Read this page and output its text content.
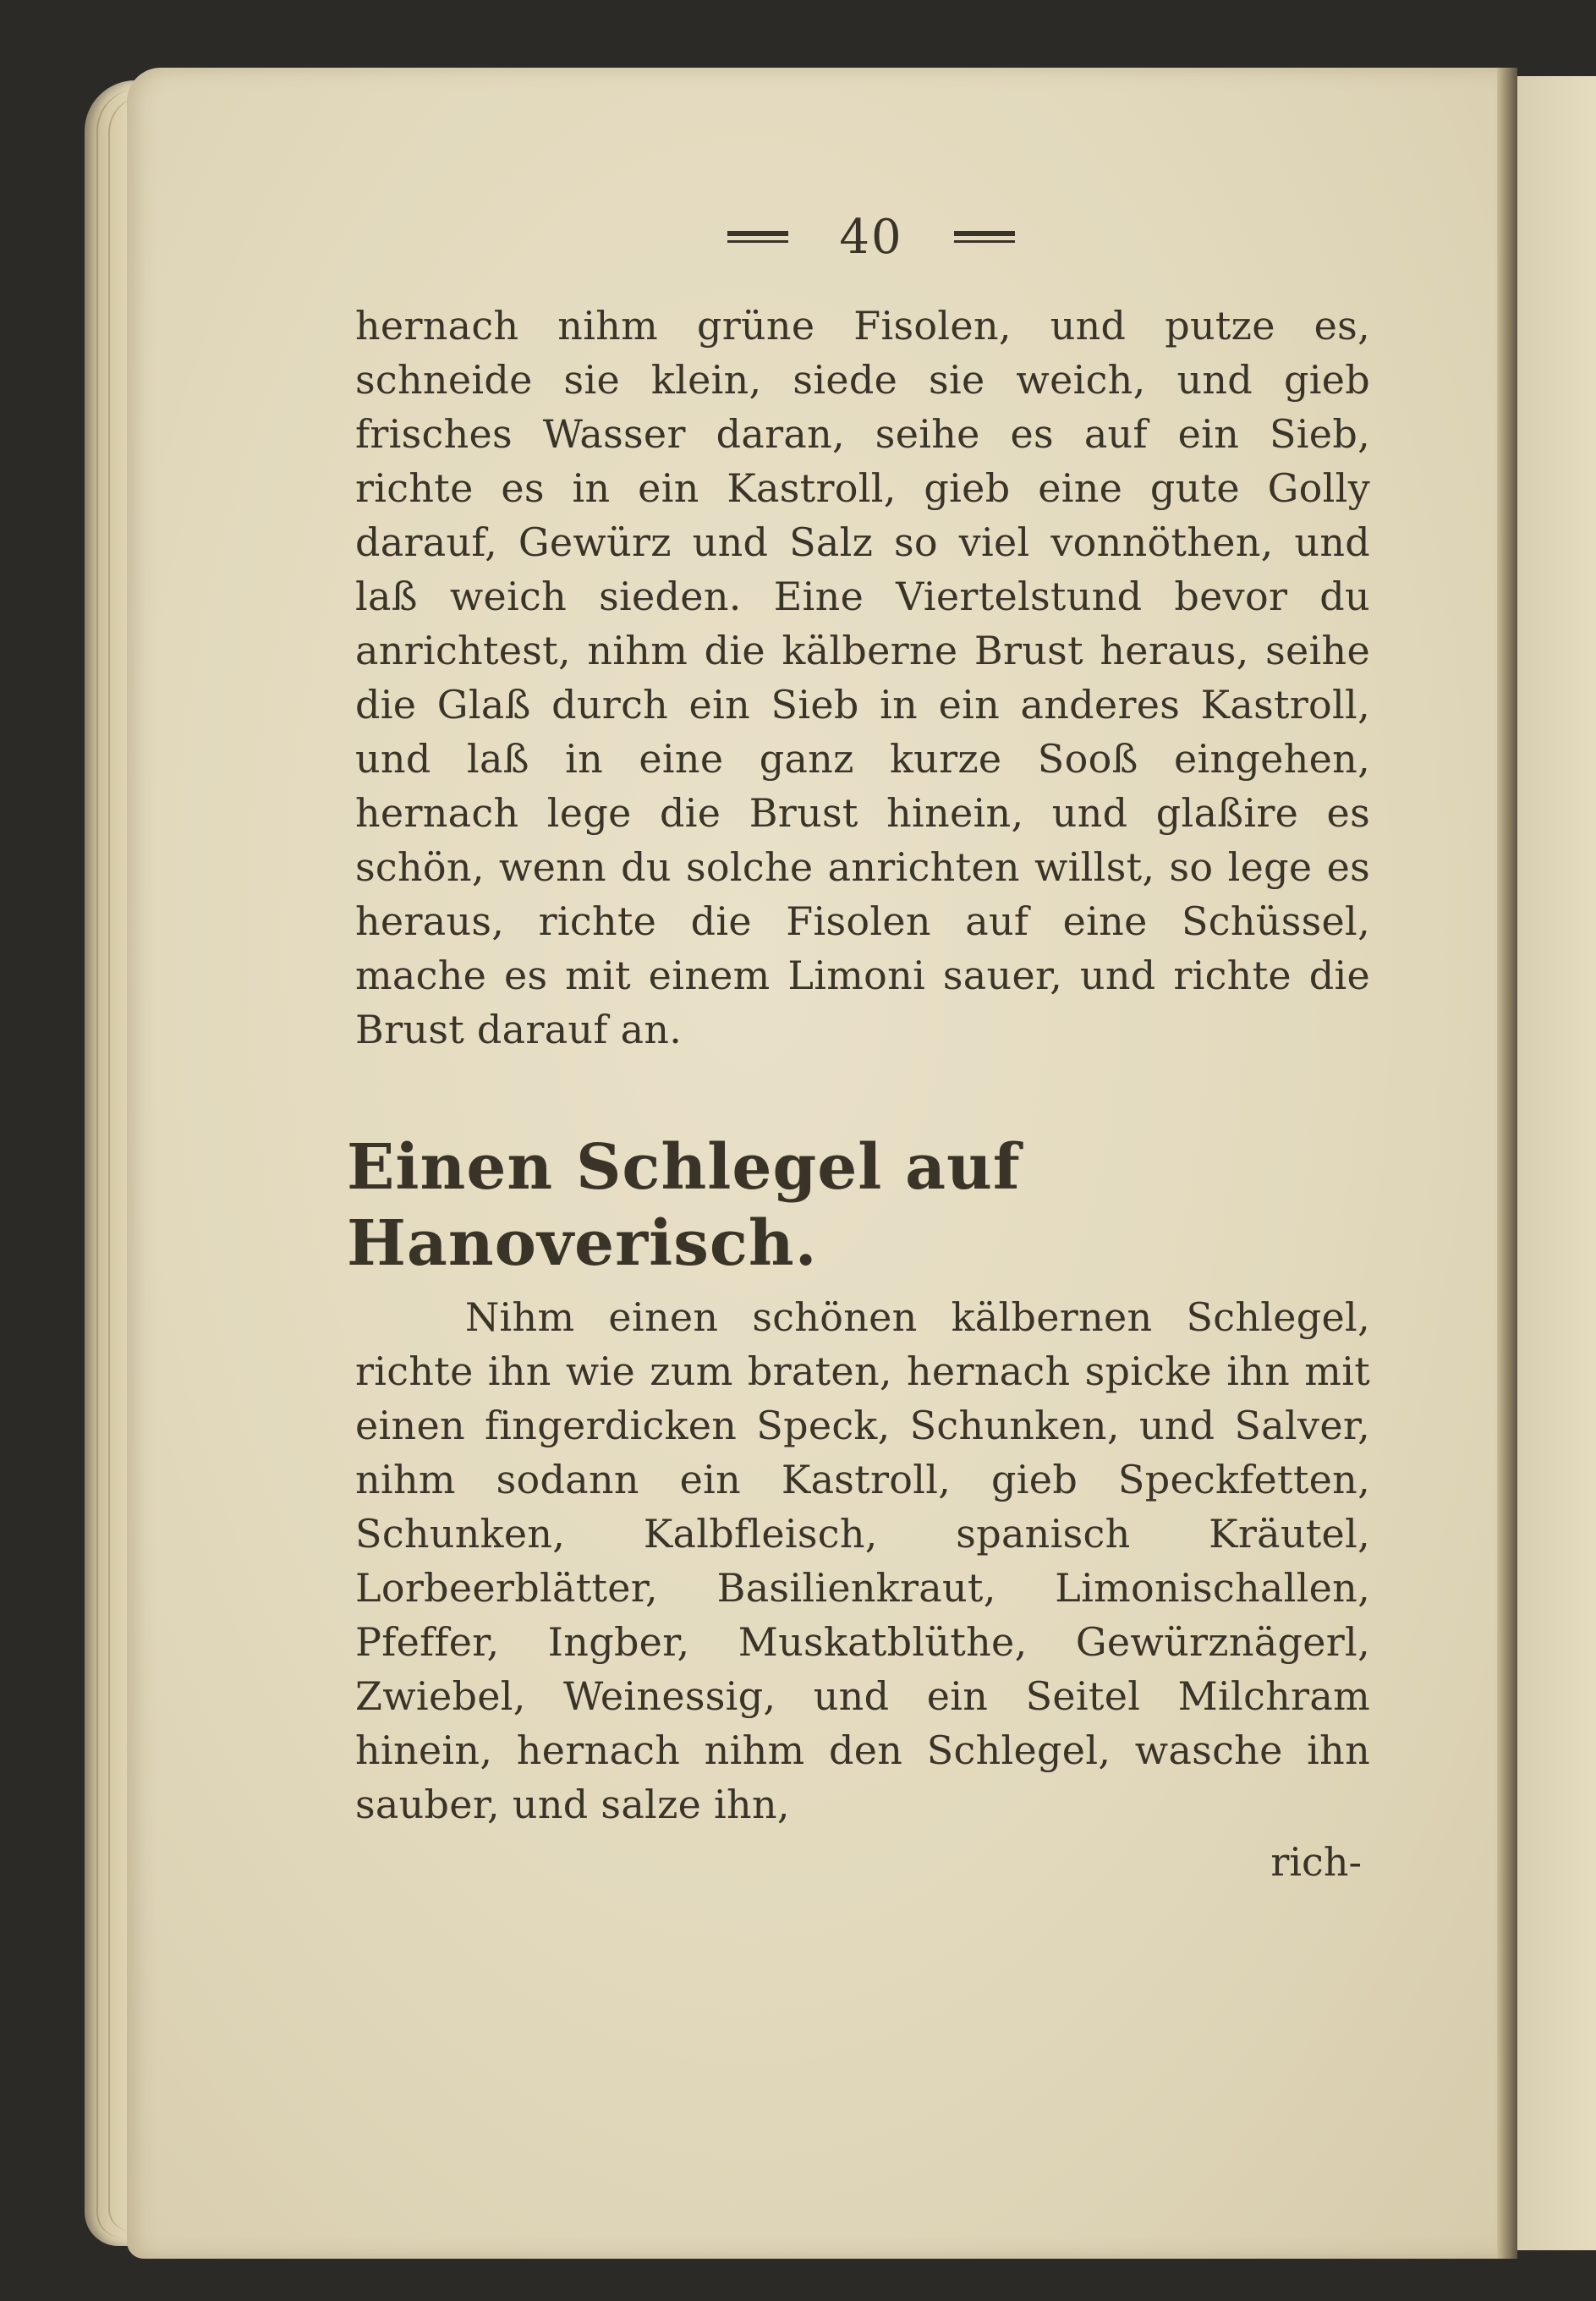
40

hernach nihm grüne Fisolen, und putze es, schneide sie klein, siede sie weich, und gieb frisches Wasser daran, seihe es auf ein Sieb, richte es in ein Kastroll, gieb eine gute Golly darauf, Gewürz und Salz so viel vonnöthen, und laß weich sieden. Eine Viertelstund bevor du anrichtest, nihm die kälberne Brust heraus, seihe die Glaß durch ein Sieb in ein anderes Kastroll, und laß in eine ganz kurze Sooß eingehen, hernach lege die Brust hinein, und glaßire es schön, wenn du solche anrichten willst, so lege es heraus, richte die Fisolen auf eine Schüssel, mache es mit einem Limoni sauer, und richte die Brust darauf an.

Einen Schlegel auf Hanoverisch.

Nihm einen schönen kälbernen Schlegel, richte ihn wie zum braten, hernach spicke ihn mit einen fingerdicken Speck, Schunken, und Salver, nihm sodann ein Kastroll, gieb Speckfetten, Schunken, Kalbfleisch, spanisch Kräutel, Lorbeerblätter, Basilienkraut, Limonischallen, Pfeffer, Ingber, Muskatblüthe, Gewürznägerl, Zwiebel, Weinessig, und ein Seitel Milchram hinein, hernach nihm den Schlegel, wasche ihn sauber, und salze ihn,

rich-
